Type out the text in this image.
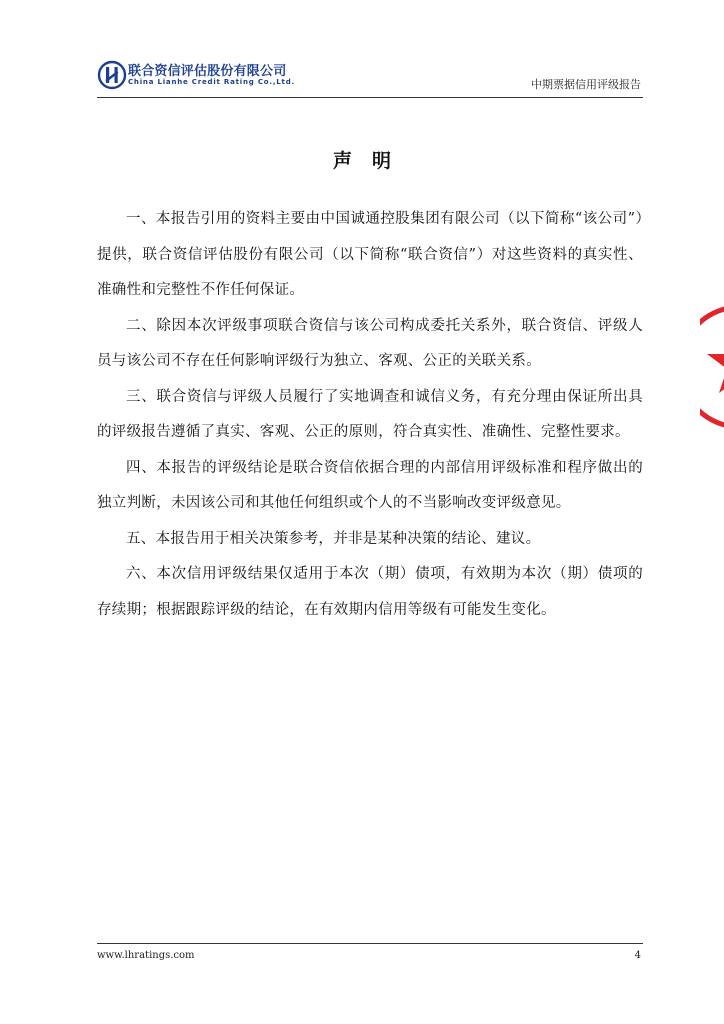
联合资信评估股份有限公司
China Lianhe Credit Rating Co.,Ltd.	中期票据信用评级报告
声明

一、本报告引用的资料主要由中国诚通控股集团有限公司（以下简称“该公司”）提供，联合资信评估股份有限公司（以下简称“联合资信”）对这些资料的真实性、准确性和完整性不作任何保证。

二、除因本次评级事项联合资信与该公司构成委托关系外，联合资信、评级人员与该公司不存在任何影响评级行为独立、客观、公正的关联关系。

三、联合资信与评级人员履行了实地调查和诚信义务，有充分理由保证所出具的评级报告遵循了真实、客观、公正的原则，符合真实性、准确性、完整性要求。

四、本报告的评级结论是联合资信依据合理的内部信用评级标准和程序做出的独立判断，未因该公司和其他任何组织或个人的不当影响改变评级意见。

五、本报告用于相关决策参考，并非是某种决策的结论、建议。

六、本次信用评级结果仅适用于本次（期）债项，有效期为本次（期）债项的存续期；根据跟踪评级的结论，在有效期内信用等级有可能发生变化。

www.lhratings.com	4
